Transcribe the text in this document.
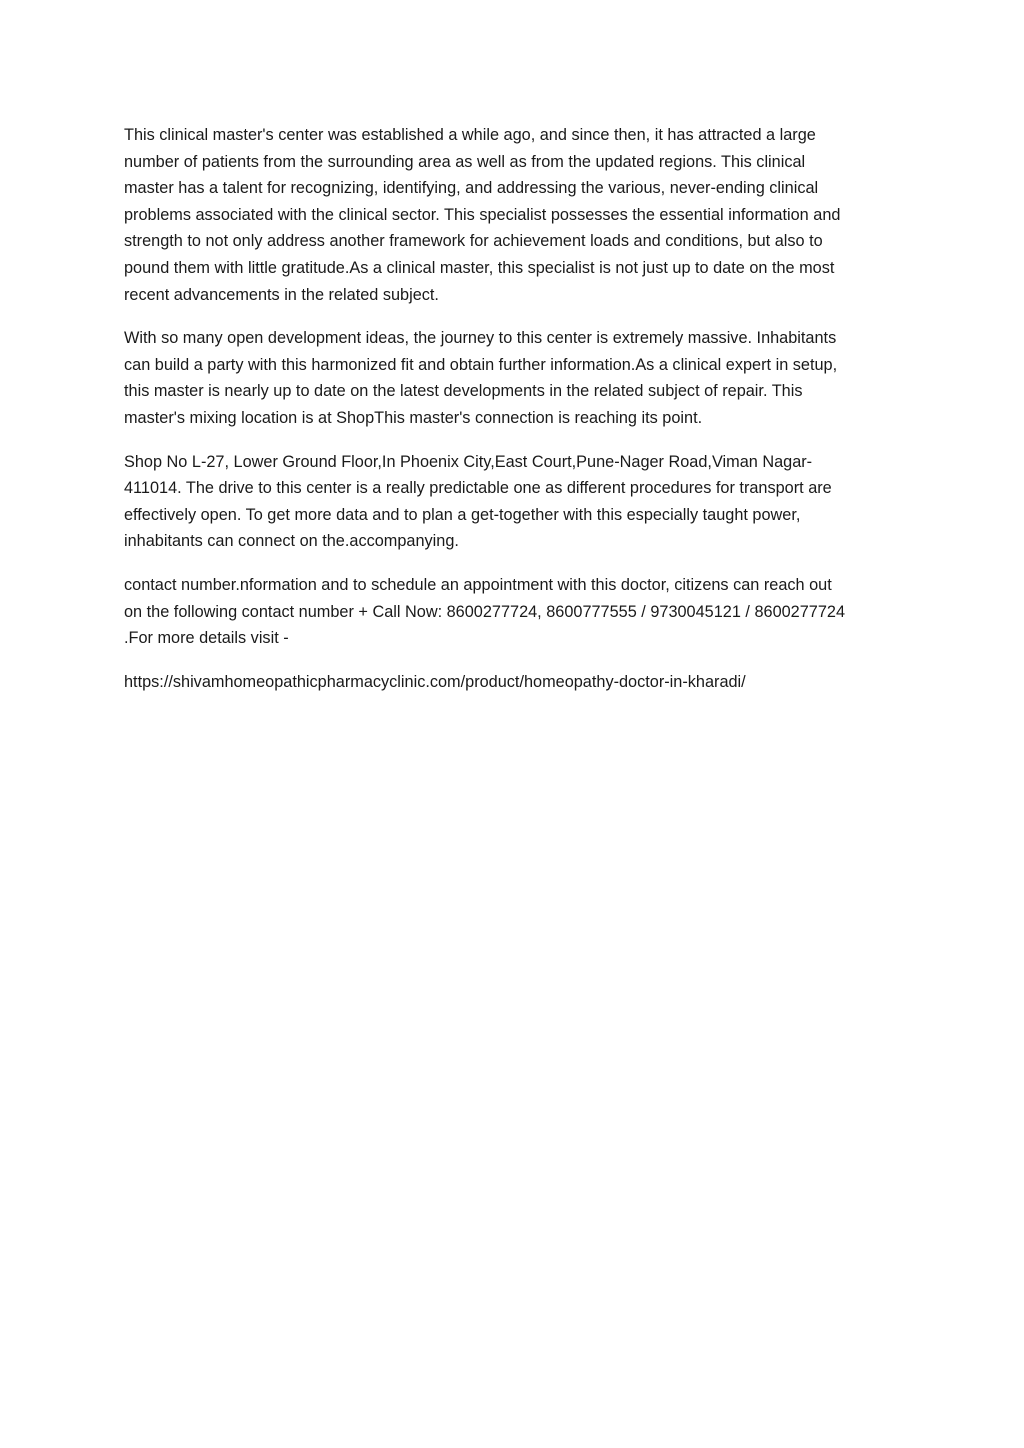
This clinical master's center was established a while ago, and since then, it has attracted a large
number of patients from the surrounding area as well as from the updated regions. This clinical
master has a talent for recognizing, identifying, and addressing the various, never-ending clinical
problems associated with the clinical sector. This specialist possesses the essential information and
strength to not only address another framework for achievement loads and conditions, but also to
pound them with little gratitude.As a clinical master, this specialist is not just up to date on the most
recent advancements in the related subject.

With so many open development ideas, the journey to this center is extremely massive. Inhabitants
can build a party with this harmonized fit and obtain further information.As a clinical expert in setup,
this master is nearly up to date on the latest developments in the related subject of repair. This
master's mixing location is at ShopThis master's connection is reaching its point.

Shop No L-27, Lower Ground Floor,In Phoenix City,East Court,Pune-Nager Road,Viman Nagar-
411014. The drive to this center is a really predictable one as different procedures for transport are
effectively open. To get more data and to plan a get-together with this especially taught power,
inhabitants can connect on the.accompanying.

contact number.nformation and to schedule an appointment with this doctor, citizens can reach out
on the following contact number + Call Now: 8600277724, 8600777555 / 9730045121 / 8600277724
.For more details visit -

https://shivamhomeopathicpharmacyclinic.com/product/homeopathy-doctor-in-kharadi/
